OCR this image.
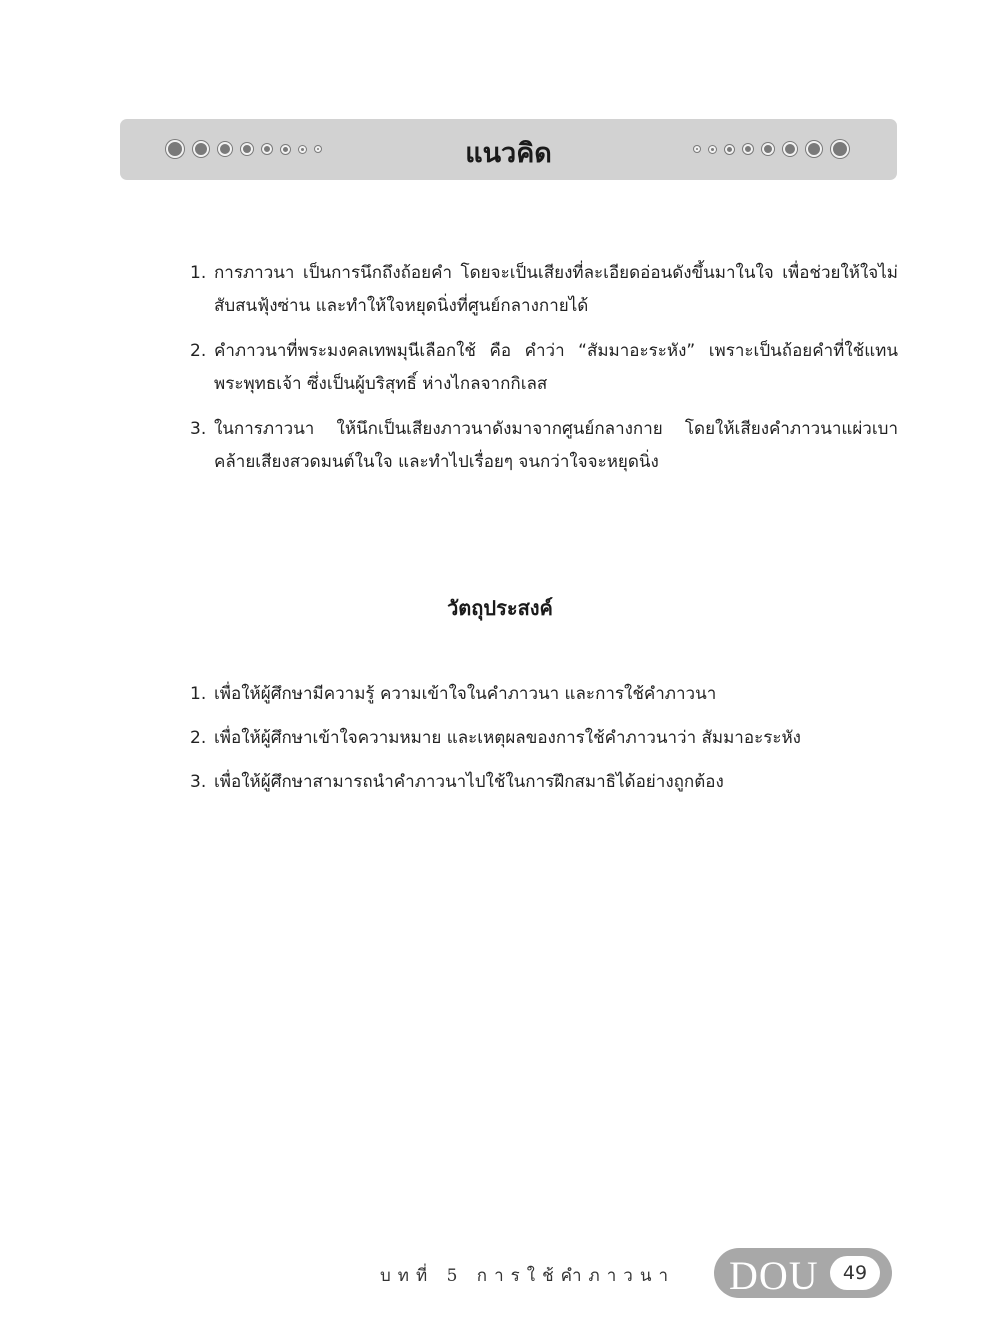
แนวคิด
1. การภาวนา เป็นการนึกถึงถ้อยคำ โดยจะเป็นเสียงที่ละเอียดอ่อนดังขึ้นมาในใจ เพื่อช่วยให้ใจไม่สับสนฟุ้งซ่าน และทำให้ใจหยุดนิ่งที่ศูนย์กลางกายได้
2. คำภาวนาที่พระมงคลเทพมุนีเลือกใช้ คือ คำว่า “สัมมาอะระหัง” เพราะเป็นถ้อยคำที่ใช้แทนพระพุทธเจ้า ซึ่งเป็นผู้บริสุทธิ์ ห่างไกลจากกิเลส
3. ในการภาวนา ให้นึกเป็นเสียงภาวนาดังมาจากศูนย์กลางกาย โดยให้เสียงคำภาวนาแผ่วเบาคล้ายเสียงสวดมนต์ในใจ และทำไปเรื่อยๆ จนกว่าใจจะหยุดนิ่ง
วัตถุประสงค์
1. เพื่อให้ผู้ศึกษามีความรู้ ความเข้าใจในคำภาวนา และการใช้คำภาวนา
2. เพื่อให้ผู้ศึกษาเข้าใจความหมาย และเหตุผลของการใช้คำภาวนาว่า สัมมาอะระหัง
3. เพื่อให้ผู้ศึกษาสามารถนำคำภาวนาไปใช้ในการฝึกสมาธิได้อย่างถูกต้อง
บทที่ 5 การใช้คำภาวนา DOU	49
